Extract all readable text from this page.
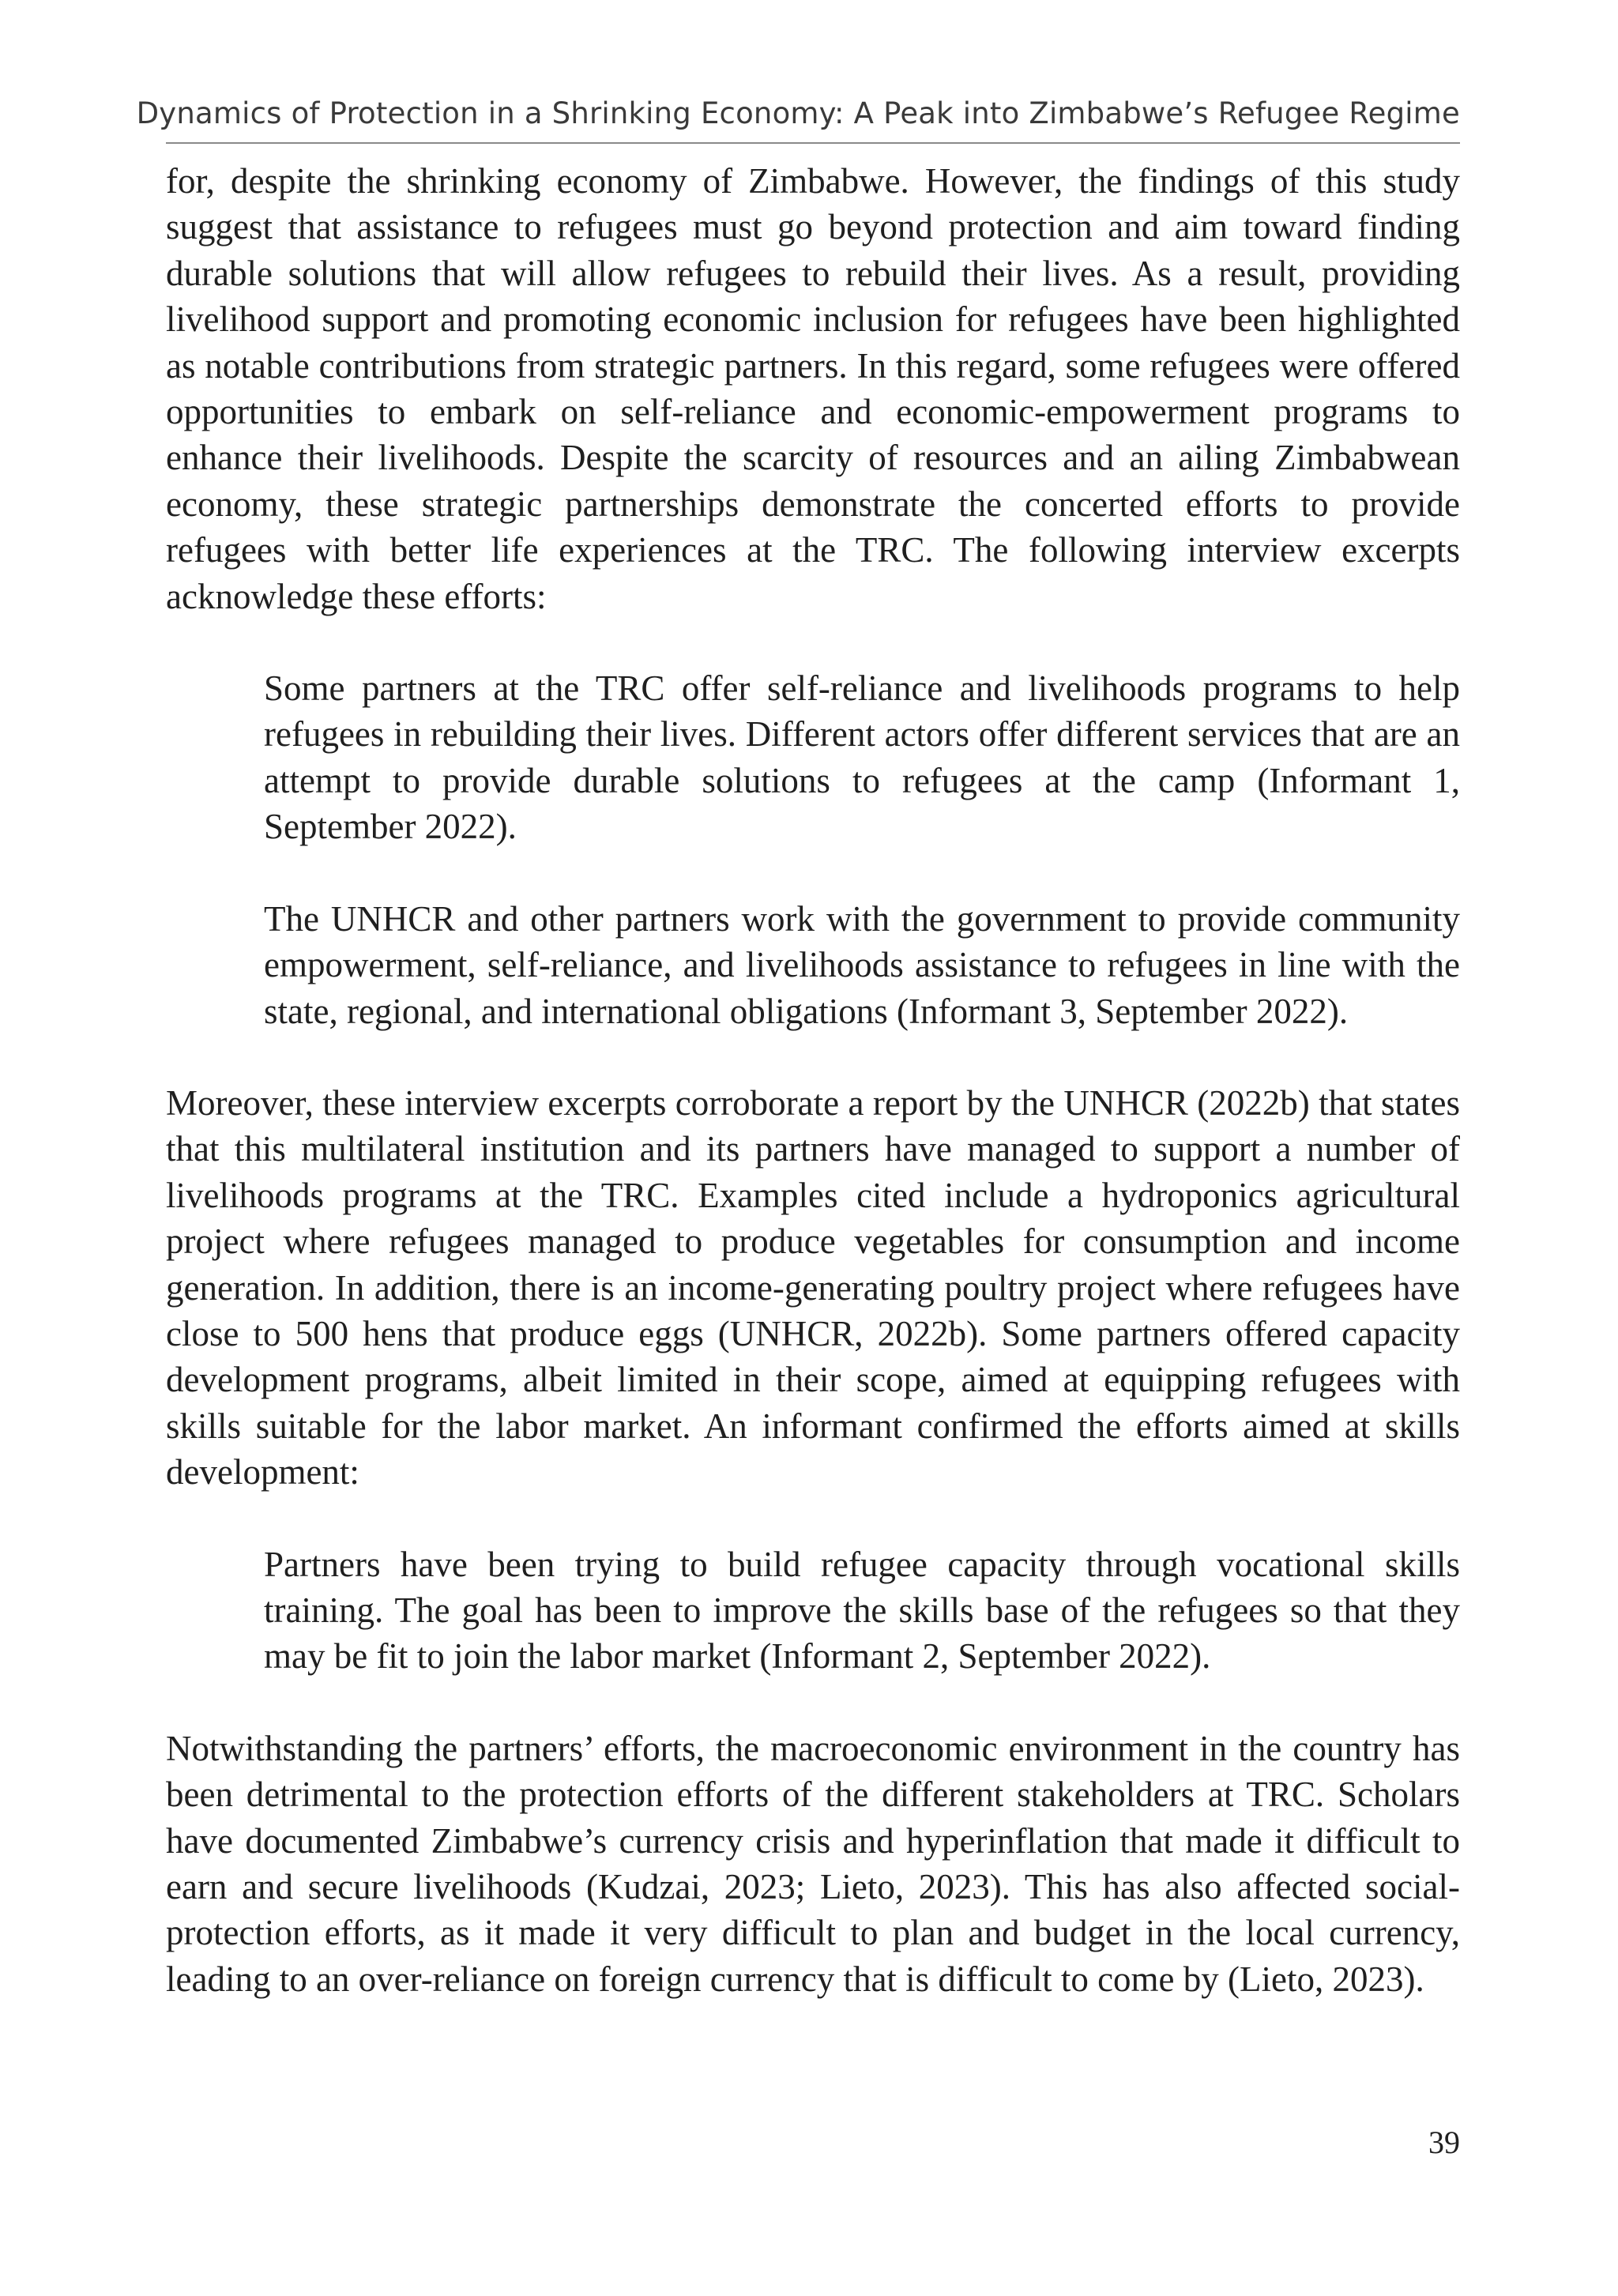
Dynamics of Protection in a Shrinking Economy: A Peak into Zimbabwe’s Refugee Regime

for, despite the shrinking economy of Zimbabwe. However, the findings of this study suggest that assistance to refugees must go beyond protection and aim toward finding durable solutions that will allow refugees to rebuild their lives. As a result, providing livelihood support and promoting economic inclusion for refugees have been highlighted as notable contributions from strategic partners. In this regard, some refugees were offered opportunities to embark on self-reliance and economic-empowerment programs to enhance their livelihoods. Despite the scarcity of resources and an ailing Zimbabwean economy, these strategic partnerships demonstrate the concerted efforts to provide refugees with better life experiences at the TRC. The following interview excerpts acknowledge these efforts:

Some partners at the TRC offer self-reliance and livelihoods programs to help refugees in rebuilding their lives. Different actors offer different services that are an attempt to provide durable solutions to refugees at the camp (Informant 1, September 2022).

The UNHCR and other partners work with the government to provide community empowerment, self-reliance, and livelihoods assistance to refugees in line with the state, regional, and international obligations (Informant 3, September 2022).

Moreover, these interview excerpts corroborate a report by the UNHCR (2022b) that states that this multilateral institution and its partners have managed to support a number of livelihoods programs at the TRC. Examples cited include a hydroponics agricultural project where refugees managed to produce vegetables for consumption and income generation. In addition, there is an income-generating poultry project where refugees have close to 500 hens that produce eggs (UNHCR, 2022b). Some partners offered capacity development programs, albeit limited in their scope, aimed at equipping refugees with skills suitable for the labor market. An informant confirmed the efforts aimed at skills development:

Partners have been trying to build refugee capacity through vocational skills training. The goal has been to improve the skills base of the refugees so that they may be fit to join the labor market (Informant 2, September 2022).

Notwithstanding the partners’ efforts, the macroeconomic environment in the country has been detrimental to the protection efforts of the different stakeholders at TRC. Scholars have documented Zimbabwe’s currency crisis and hyperinflation that made it difficult to earn and secure livelihoods (Kudzai, 2023; Lieto, 2023). This has also affected social-protection efforts, as it made it very difficult to plan and budget in the local currency, leading to an over-reliance on foreign currency that is difficult to come by (Lieto, 2023).

39
